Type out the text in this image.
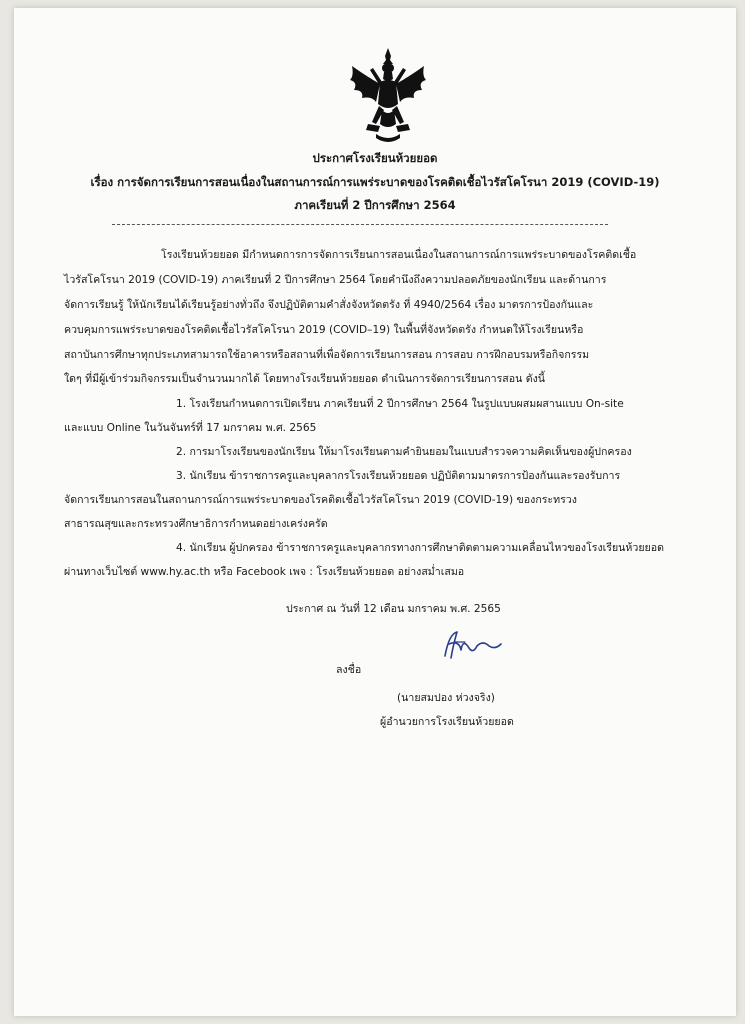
ประกาศโรงเรียนห้วยยอด
เรื่อง การจัดการเรียนการสอนเนื่องในสถานการณ์การแพร่ระบาดของโรคติดเชื้อไวรัสโคโรนา 2019 (COVID-19)
ภาคเรียนที่ 2 ปีการศึกษา 2564
โรงเรียนห้วยยอด มีกำหนดการการจัดการเรียนการสอนเนื่องในสถานการณ์การแพร่ระบาดของโรคติดเชื้อ
ไวรัสโคโรนา 2019 (COVID-19) ภาคเรียนที่ 2 ปีการศึกษา 2564 โดยคำนึงถึงความปลอดภัยของนักเรียน และด้านการ
จัดการเรียนรู้ ให้นักเรียนได้เรียนรู้อย่างทั่วถึง จึงปฏิบัติตามคำสั่งจังหวัดตรัง ที่ 4940/2564 เรื่อง มาตรการป้องกันและ
ควบคุมการแพร่ระบาดของโรคติดเชื้อไวรัสโคโรนา 2019 (COVID–19) ในพื้นที่จังหวัดตรัง กำหนดให้โรงเรียนหรือ
สถาบันการศึกษาทุกประเภทสามารถใช้อาคารหรือสถานที่เพื่อจัดการเรียนการสอน การสอบ การฝึกอบรมหรือกิจกรรม
ใดๆ ที่มีผู้เข้าร่วมกิจกรรมเป็นจำนวนมากได้ โดยทางโรงเรียนห้วยยอด ดำเนินการจัดการเรียนการสอน ดังนี้
1. โรงเรียนกำหนดการเปิดเรียน ภาคเรียนที่ 2 ปีการศึกษา 2564 ในรูปแบบผสมผสานแบบ On-site
และแบบ Online ในวันจันทร์ที่ 17 มกราคม พ.ศ. 2565
2. การมาโรงเรียนของนักเรียน ให้มาโรงเรียนตามคำยินยอมในแบบสำรวจความคิดเห็นของผู้ปกครอง
3. นักเรียน ข้าราชการครูและบุคลากรโรงเรียนห้วยยอด ปฏิบัติตามมาตรการป้องกันและรองรับการ
จัดการเรียนการสอนในสถานการณ์การแพร่ระบาดของโรคติดเชื้อไวรัสโคโรนา 2019 (COVID-19) ของกระทรวง
สาธารณสุขและกระทรวงศึกษาธิการกำหนดอย่างเคร่งครัด
4. นักเรียน ผู้ปกครอง ข้าราชการครูและบุคลากรทางการศึกษาติดตามความเคลื่อนไหวของโรงเรียนห้วยยอด
ผ่านทางเว็บไซต์ www.hy.ac.th หรือ Facebook เพจ : โรงเรียนห้วยยอด อย่างสม่ำเสมอ
ประกาศ ณ วันที่ 12 เดือน มกราคม พ.ศ. 2565
ลงชื่อ
(นายสมปอง ห่วงจริง)
ผู้อำนวยการโรงเรียนห้วยยอด
